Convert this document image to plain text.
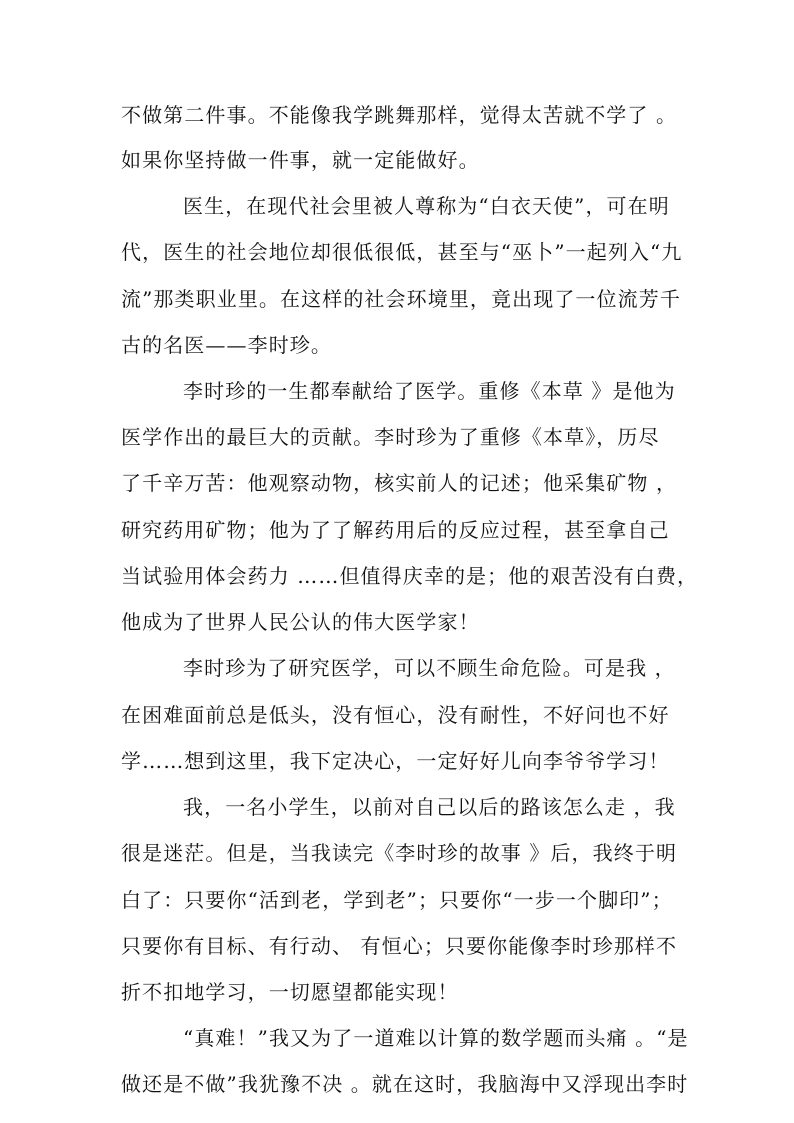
不做第二件事。不能像我学跳舞那样，觉得太苦就不学了 。
如果你坚持做一件事，就一定能做好。
医生，在现代社会里被人尊称为“白衣天使”，可在明
代，医生的社会地位却很低很低，甚至与“巫卜”一起列入“九
流”那类职业里。在这样的社会环境里，竟出现了一位流芳千
古的名医——李时珍。
李时珍的一生都奉献给了医学。重修《本草 》是他为
医学作出的最巨大的贡献。李时珍为了重修《本草》，历尽
了千辛万苦：他观察动物，核实前人的记述；他采集矿物 ，
研究药用矿物；他为了了解药用后的反应过程，甚至拿自己
当试验用体会药力 ……但值得庆幸的是；他的艰苦没有白费，
他成为了世界人民公认的伟大医学家！
李时珍为了研究医学，可以不顾生命危险。可是我 ，
在困难面前总是低头，没有恒心，没有耐性，不好问也不好
学……想到这里，我下定决心，一定好好儿向李爷爷学习！
我，一名小学生，以前对自己以后的路该怎么走 ，我
很是迷茫。但是，当我读完《李时珍的故事 》后，我终于明
白了：只要你“活到老，学到老”；只要你“一步一个脚印”；
只要你有目标、有行动、 有恒心；只要你能像李时珍那样不
折不扣地学习，一切愿望都能实现！
“真难！”我又为了一道难以计算的数学题而头痛 。“是
做还是不做”我犹豫不决 。就在这时，我脑海中又浮现出李时
